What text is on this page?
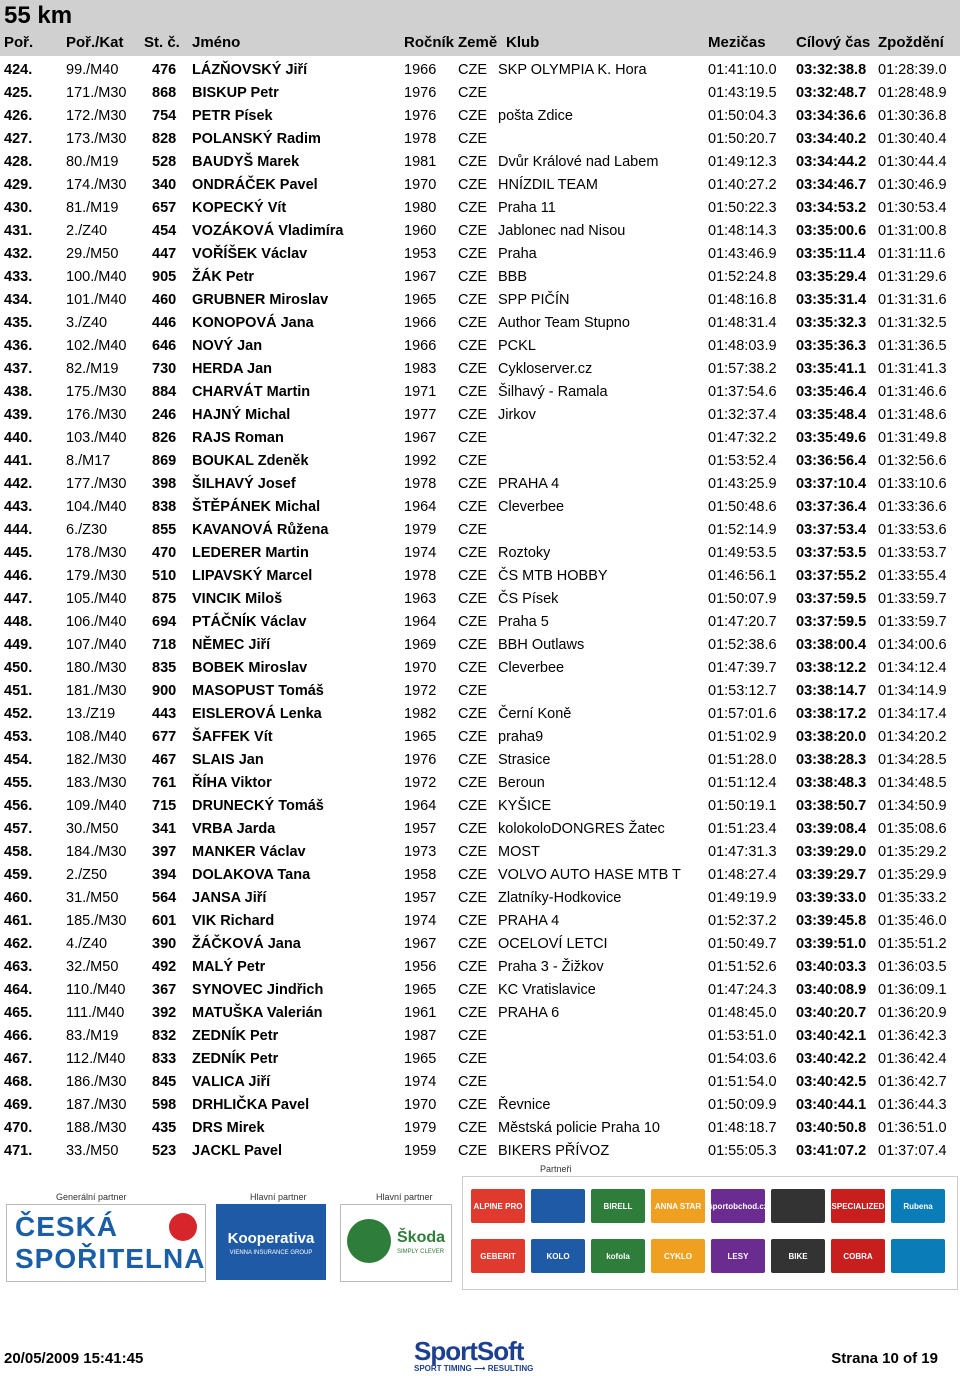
55 km
Poř. Poř./Kat St. č. Jméno	Ročník Země Klub	Mezičas Cílový čas Zpoždění
424. 99./M40 476 LÁZŇOVSKÝ Jiří	1966 CZE SKP OLYMPIA K. Hora	01:41:10.0 03:32:38.8 01:28:39.0
425. 171./M30 868 BISKUP Petr	1976 CZE	01:43:19.5 03:32:48.7 01:28:48.9
426. 172./M30 754 PETR Písek	1976 CZE pošta Zdice	01:50:04.3 03:34:36.6 01:30:36.8
427. 173./M30 828 POLANSKÝ Radim	1978 CZE	01:50:20.7 03:34:40.2 01:30:40.4
428. 80./M19 528 BAUDYŠ Marek	1981 CZE Dvůr Králové nad Labem	01:49:12.3 03:34:44.2 01:30:44.4
429. 174./M30 340 ONDRÁČEK Pavel	1970 CZE HNÍZDIL TEAM	01:40:27.2 03:34:46.7 01:30:46.9
430. 81./M19 657 KOPECKÝ Vít	1980 CZE Praha 11	01:50:22.3 03:34:53.2 01:30:53.4
431. 2./Z40	454 VOZÁKOVÁ Vladimíra	1960 CZE Jablonec nad Nisou	01:48:14.3 03:35:00.6 01:31:00.8
432. 29./M50 447 VOŘÍŠEK Václav	1953 CZE Praha	01:43:46.9 03:35:11.4 01:31:11.6
433. 100./M40 905 ŽÁK Petr	1967 CZE BBB	01:52:24.8 03:35:29.4 01:31:29.6
434. 101./M40 460 GRUBNER Miroslav	1965 CZE SPP PIČÍN	01:48:16.8 03:35:31.4 01:31:31.6
435. 3./Z40	446 KONOPOVÁ Jana	1966 CZE Author Team Stupno	01:48:31.4 03:35:32.3 01:31:32.5
436. 102./M40 646 NOVÝ Jan	1966 CZE PCKL	01:48:03.9 03:35:36.3 01:31:36.5
437. 82./M19 730 HERDA Jan	1983 CZE Cykloserver.cz	01:57:38.2 03:35:41.1 01:31:41.3
438. 175./M30 884 CHARVÁT Martin	1971 CZE Šilhavý - Ramala	01:37:54.6 03:35:46.4 01:31:46.6
439. 176./M30 246 HAJNÝ Michal	1977 CZE Jirkov	01:32:37.4 03:35:48.4 01:31:48.6
440. 103./M40 826 RAJS Roman	1967 CZE	01:47:32.2 03:35:49.6 01:31:49.8
441. 8./M17	869 BOUKAL Zdeněk	1992 CZE	01:53:52.4 03:36:56.4 01:32:56.6
442. 177./M30 398 ŠILHAVÝ Josef	1978 CZE PRAHA 4	01:43:25.9 03:37:10.4 01:33:10.6
443. 104./M40 838 ŠTĚPÁNEK Michal	1964 CZE Cleverbee	01:50:48.6 03:37:36.4 01:33:36.6
444. 6./Z30	855 KAVANOVÁ Růžena	1979 CZE	01:52:14.9 03:37:53.4 01:33:53.6
445. 178./M30 470 LEDERER Martin	1974 CZE Roztoky	01:49:53.5 03:37:53.5 01:33:53.7
446. 179./M30 510 LIPAVSKÝ Marcel	1978 CZE ČS MTB HOBBY	01:46:56.1 03:37:55.2 01:33:55.4
447. 105./M40 875 VINCIK Miloš	1963 CZE ČS Písek	01:50:07.9 03:37:59.5 01:33:59.7
448. 106./M40 694 PTÁČNÍK Václav	1964 CZE Praha 5	01:47:20.7 03:37:59.5 01:33:59.7
449. 107./M40 718 NĚMEC Jiří	1969 CZE BBH Outlaws	01:52:38.6 03:38:00.4 01:34:00.6
450. 180./M30 835 BOBEK Miroslav	1970 CZE Cleverbee	01:47:39.7 03:38:12.2 01:34:12.4
451. 181./M30 900 MASOPUST Tomáš	1972 CZE	01:53:12.7 03:38:14.7 01:34:14.9
452. 13./Z19	443 EISLEROVÁ Lenka	1982 CZE Černí Koně	01:57:01.6 03:38:17.2 01:34:17.4
453. 108./M40 677 ŠAFFEK Vít	1965 CZE praha9	01:51:02.9 03:38:20.0 01:34:20.2
454. 182./M30 467 SLAIS Jan	1976 CZE Strasice	01:51:28.0 03:38:28.3 01:34:28.5
455. 183./M30 761 ŘÍHA Viktor	1972 CZE Beroun	01:51:12.4 03:38:48.3 01:34:48.5
456. 109./M40 715 DRUNECKÝ Tomáš	1964 CZE KYŠICE	01:50:19.1 03:38:50.7 01:34:50.9
457. 30./M50 341 VRBA Jarda	1957 CZE kolokoloDONGRES Žatec	01:51:23.4 03:39:08.4 01:35:08.6
458. 184./M30 397 MANKER Václav	1973 CZE MOST	01:47:31.3 03:39:29.0 01:35:29.2
459. 2./Z50	394 DOLAKOVA Tana	1958 CZE VOLVO AUTO HASE MTB T 01:48:27.4 03:39:29.7 01:35:29.9
460. 31./M50 564 JANSA Jiří	1957 CZE Zlatníky-Hodkovice	01:49:19.9 03:39:33.0 01:35:33.2
461. 185./M30 601 VIK Richard	1974 CZE PRAHA 4	01:52:37.2 03:39:45.8 01:35:46.0
462. 4./Z40	390 ŽÁČKOVÁ Jana	1967 CZE OCELOVÍ LETCI	01:50:49.7 03:39:51.0 01:35:51.2
463. 32./M50 492 MALÝ Petr	1956 CZE Praha 3 - Žižkov	01:51:52.6 03:40:03.3 01:36:03.5
464. 110./M40 367 SYNOVEC Jindřich	1965 CZE KC Vratislavice	01:47:24.3 03:40:08.9 01:36:09.1
465. 111./M40 392 MATUŠKA Valerián	1961 CZE PRAHA 6	01:48:45.0 03:40:20.7 01:36:20.9
466. 83./M19 832 ZEDNÍK Petr	1987 CZE	01:53:51.0 03:40:42.1 01:36:42.3
467. 112./M40 833 ZEDNÍK Petr	1965 CZE	01:54:03.6 03:40:42.2 01:36:42.4
468. 186./M30 845 VALICA Jiří	1974 CZE	01:51:54.0 03:40:42.5 01:36:42.7
469. 187./M30 598 DRHLIČKA Pavel	1970 CZE Řevnice	01:50:09.9 03:40:44.1 01:36:44.3
470. 188./M30 435 DRS Mirek	1979 CZE Městská policie Praha 10	01:48:18.7 03:40:50.8 01:36:51.0
471. 33./M50 523 JACKL Pavel	1959 CZE BIKERS PŘÍVOZ	01:55:05.3 03:41:07.2 01:37:07.4
Generální partner	Hlavní partner	Hlavní partner
Partneři
ČESKÁ
SPOŘITELNA
Kooperativa
VIENNA INSURANCE GROUP
Škoda
SIMPLY CLEVER
ALPINE PRO	BIRELL	ANNA STAR sportobchod.cz	SPECIALIZED	Rubena
GEBERIT	KOLO	kofola	CYKLO	LESY	BIKE	COBRA
20/05/2009 15:41:45	SportSoft
SPORT TIMING ⟶ RESULTING
Strana 10 of 19
